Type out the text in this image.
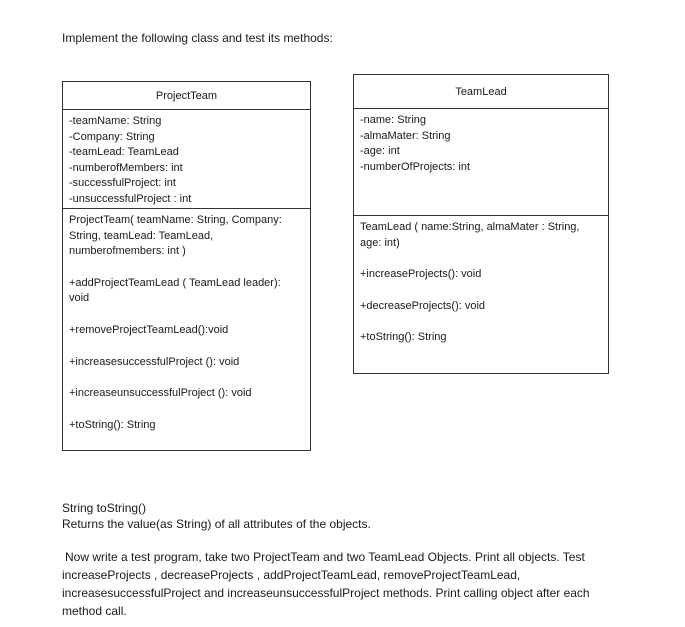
Implement the following class and test its methods:
ProjectTeam
-teamName: String
-Company: String
-teamLead: TeamLead
-numberofMembers: int
-successfulProject: int
-unsuccessfulProject : int
ProjectTeam( teamName: String, Company:
String, teamLead: TeamLead,
numberofmembers: int )
+addProjectTeamLead ( TeamLead leader):
void
+removeProjectTeamLead():void
+increasesuccessfulProject (): void
+increaseunsuccessfulProject (): void
+toString(): String
TeamLead
-name: String
-almaMater: String
-age: int
-numberOfProjects: int
TeamLead ( name:String, almaMater : String,
age: int)
+increaseProjects(): void
+decreaseProjects(): void
+toString(): String
String toString()
Returns the value(as String) of all attributes of the objects.
Now write a test program, take two ProjectTeam and two TeamLead Objects. Print all objects. Test
increaseProjects , decreaseProjects , addProjectTeamLead, removeProjectTeamLead,
increasesuccessfulProject and increaseunsuccessfulProject methods. Print calling object after each
method call.
